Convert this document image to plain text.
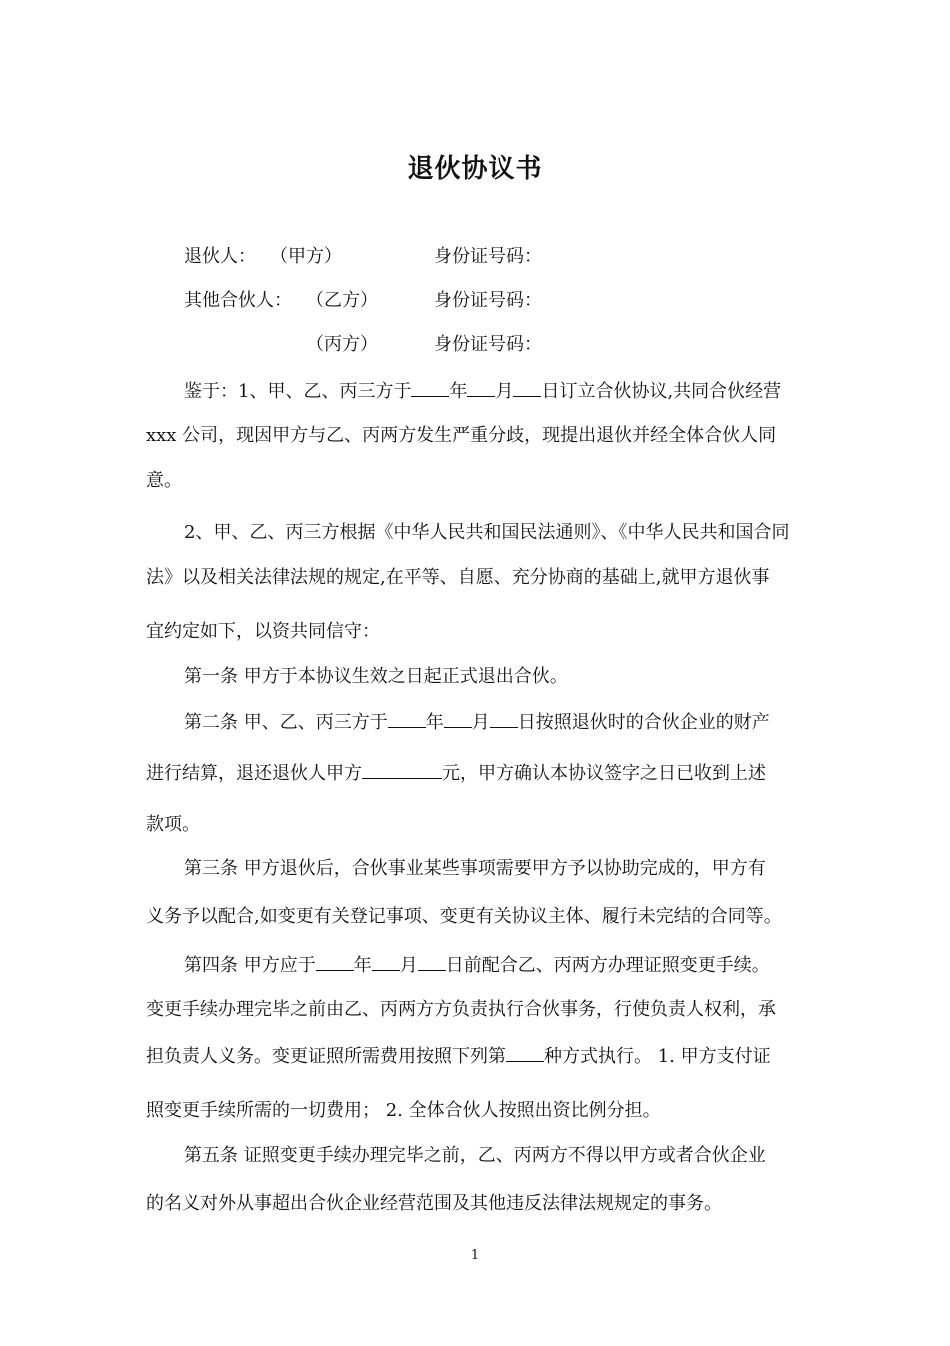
退伙协议书
退伙人： （甲方）	身份证号码：
其他合伙人： （乙方）	身份证号码：
（丙方）	身份证号码：
鉴于：1、甲、乙、丙三方于 年 月 日订立合伙协议,共同合伙经营
xxx 公司，现因甲方与乙、丙两方发生严重分歧，现提出退伙并经全体合伙人同
意。
2、甲、乙、丙三方根据《中华人民共和国民法通则》、《中华人民共和国合同
法》以及相关法律法规的规定,在平等、自愿、充分协商的基础上,就甲方退伙事
宜约定如下，以资共同信守：
第一条 甲方于本协议生效之日起正式退出合伙。
第二条 甲、乙、丙三方于 年 月 日按照退伙时的合伙企业的财产
进行结算，退还退伙人甲方	元，甲方确认本协议签字之日已收到上述
款项。
第三条 甲方退伙后，合伙事业某些事项需要甲方予以协助完成的，甲方有
义务予以配合,如变更有关登记事项、变更有关协议主体、履行未完结的合同等。
第四条 甲方应于 年 月 日前配合乙、丙两方办理证照变更手续。
变更手续办理完毕之前由乙、丙两方方负责执行合伙事务，行使负责人权利，承
担负责人义务。变更证照所需费用按照下列第 种方式执行。 1. 甲方支付证
照变更手续所需的一切费用； 2. 全体合伙人按照出资比例分担。
第五条 证照变更手续办理完毕之前，乙、丙两方不得以甲方或者合伙企业
的名义对外从事超出合伙企业经营范围及其他违反法律法规规定的事务。
1
